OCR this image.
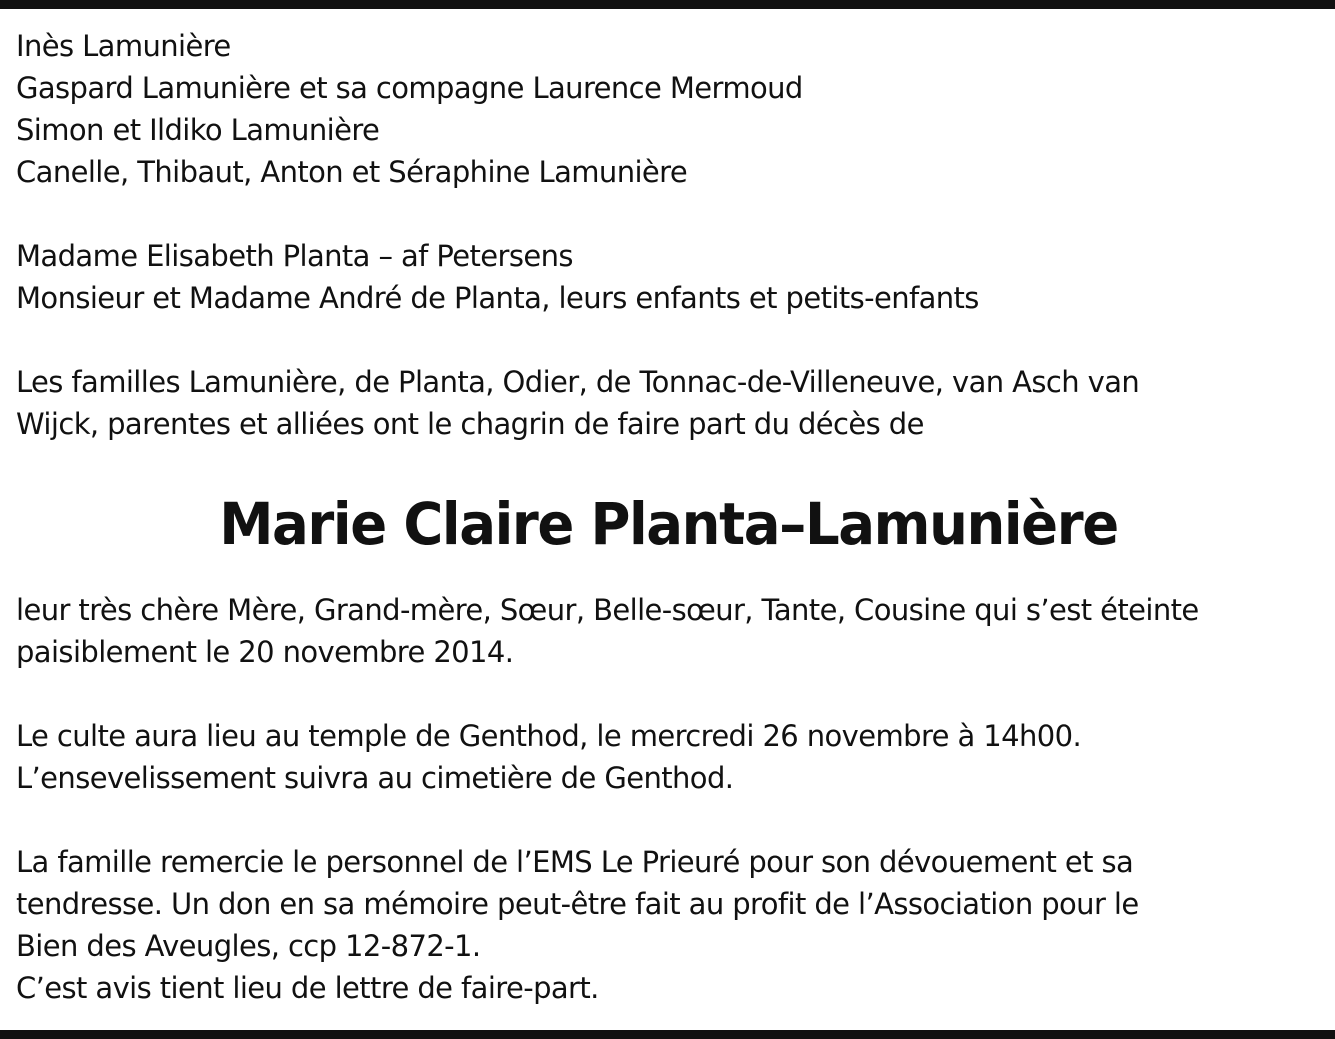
Inès Lamunière
Gaspard Lamunière et sa compagne Laurence Mermoud
Simon et Ildiko Lamunière
Canelle, Thibaut, Anton et Séraphine Lamunière
Madame Elisabeth Planta – af Petersens
Monsieur et Madame André de Planta, leurs enfants et petits-enfants
Les familles Lamunière, de Planta, Odier, de Tonnac-de-Villeneuve, van Asch van
Wijck, parentes et alliées ont le chagrin de faire part du décès de
Marie Claire Planta–Lamunière
leur très chère Mère, Grand-mère, Sœur, Belle-sœur, Tante, Cousine qui s’est éteinte
paisiblement le 20 novembre 2014.
Le culte aura lieu au temple de Genthod, le mercredi 26 novembre à 14h00.
L’ensevelissement suivra au cimetière de Genthod.
La famille remercie le personnel de l’EMS Le Prieuré pour son dévouement et sa
tendresse. Un don en sa mémoire peut-être fait au profit de l’Association pour le
Bien des Aveugles, ccp 12-872-1.
C’est avis tient lieu de lettre de faire-part.
